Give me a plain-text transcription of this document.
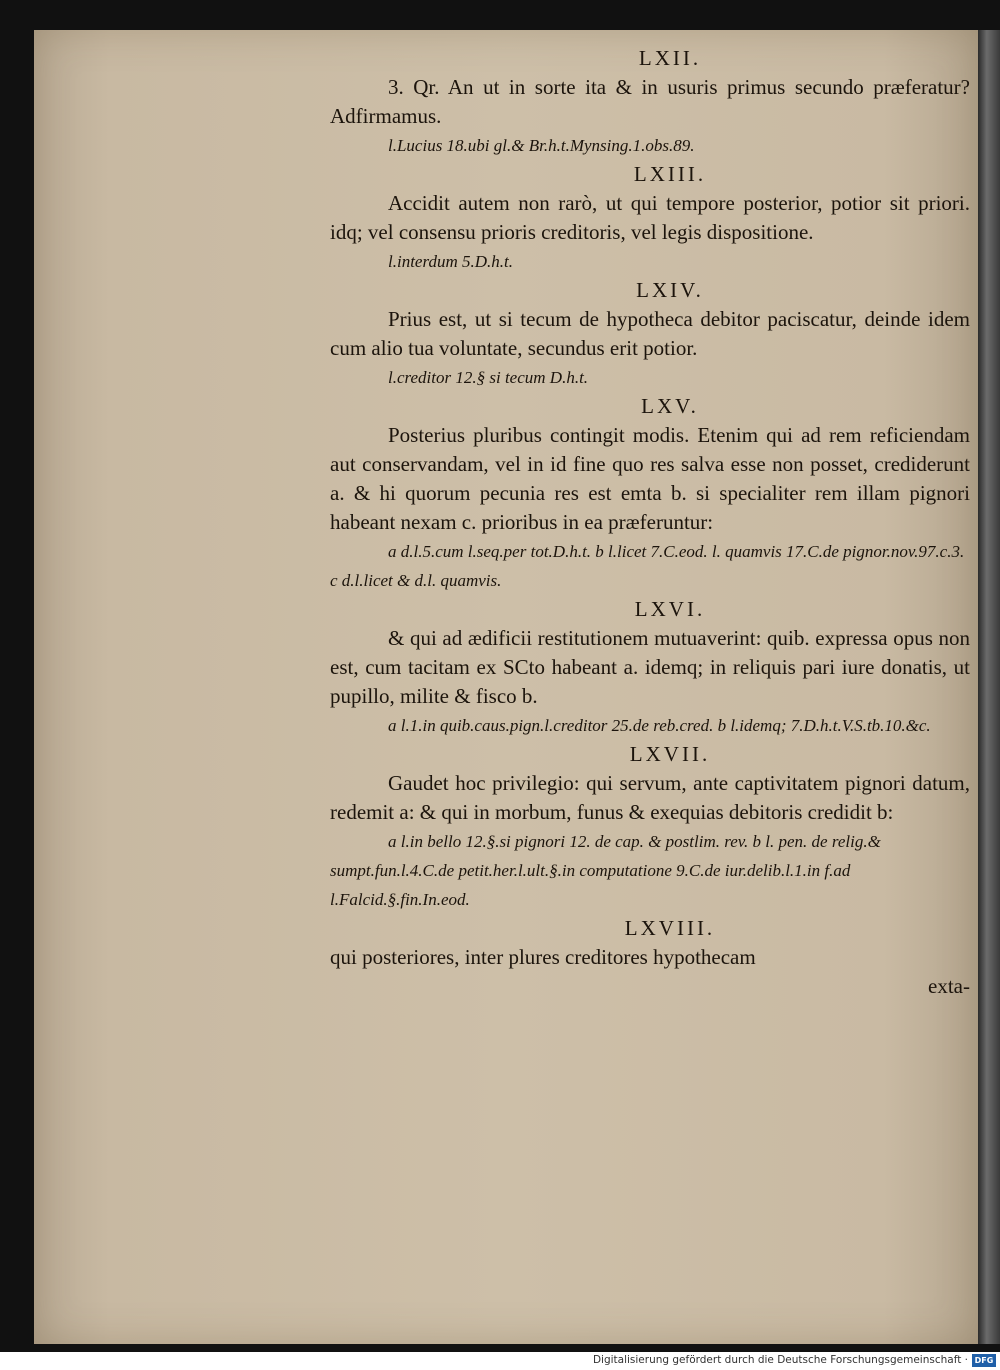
LXII.

3. Qr. An ut in sorte ita & in usuris primus secundo præferatur? Adfirmamus.

l.Lucius 18.ubi gl.& Br.h.t.Mynsing.1.obs.89.

LXIII.

Accidit autem non rarò, ut qui tempore posterior, potior sit priori. idq; vel consensu prioris creditoris, vel legis dispositione.

l.interdum 5.D.h.t.

LXIV.

Prius est, ut si tecum de hypotheca debitor paciscatur, deinde idem cum alio tua voluntate, secundus erit potior.

l.creditor 12.§ si tecum D.h.t.

LXV.

Posterius pluribus contingit modis. Etenim qui ad rem reficiendam aut conservandam, vel in id fine quo res salva esse non posset, crediderunt a. & hi quorum pecunia res est emta b. si specialiter rem illam pignori habeant nexam c. prioribus in ea præferuntur:

a d.l.5.cum l.seq.per tot.D.h.t. b l.licet 7.C.eod. l. quamvis 17.C.de pignor.nov.97.c.3. c d.l.licet & d.l. quamvis.

LXVI.

& qui ad ædificii restitutionem mutuaverint: quib. expressa opus non est, cum tacitam ex SCto habeant a. idemq; in reliquis pari iure donatis, ut pupillo, milite & fisco b.

a l.1.in quib.caus.pign.l.creditor 25.de reb.cred. b l.idemq; 7.D.h.t.V.S.tb.10.&c.

LXVII.

Gaudet hoc privilegio: qui servum, ante captivitatem pignori datum, redemit a: & qui in morbum, funus & exequias debitoris credidit b:

a l.in bello 12.§.si pignori 12. de cap. & postlim. rev. b l. pen. de relig.& sumpt.fun.l.4.C.de petit.her.l.ult.§.in computatione 9.C.de iur.delib.l.1.in f.ad l.Falcid.§.fin.In.eod.

LXVIII.

qui posteriores, inter plures creditores hypothecam

exta-

Digitalisierung gefördert durch die Deutsche Forschungsgemeinschaft · DFG
